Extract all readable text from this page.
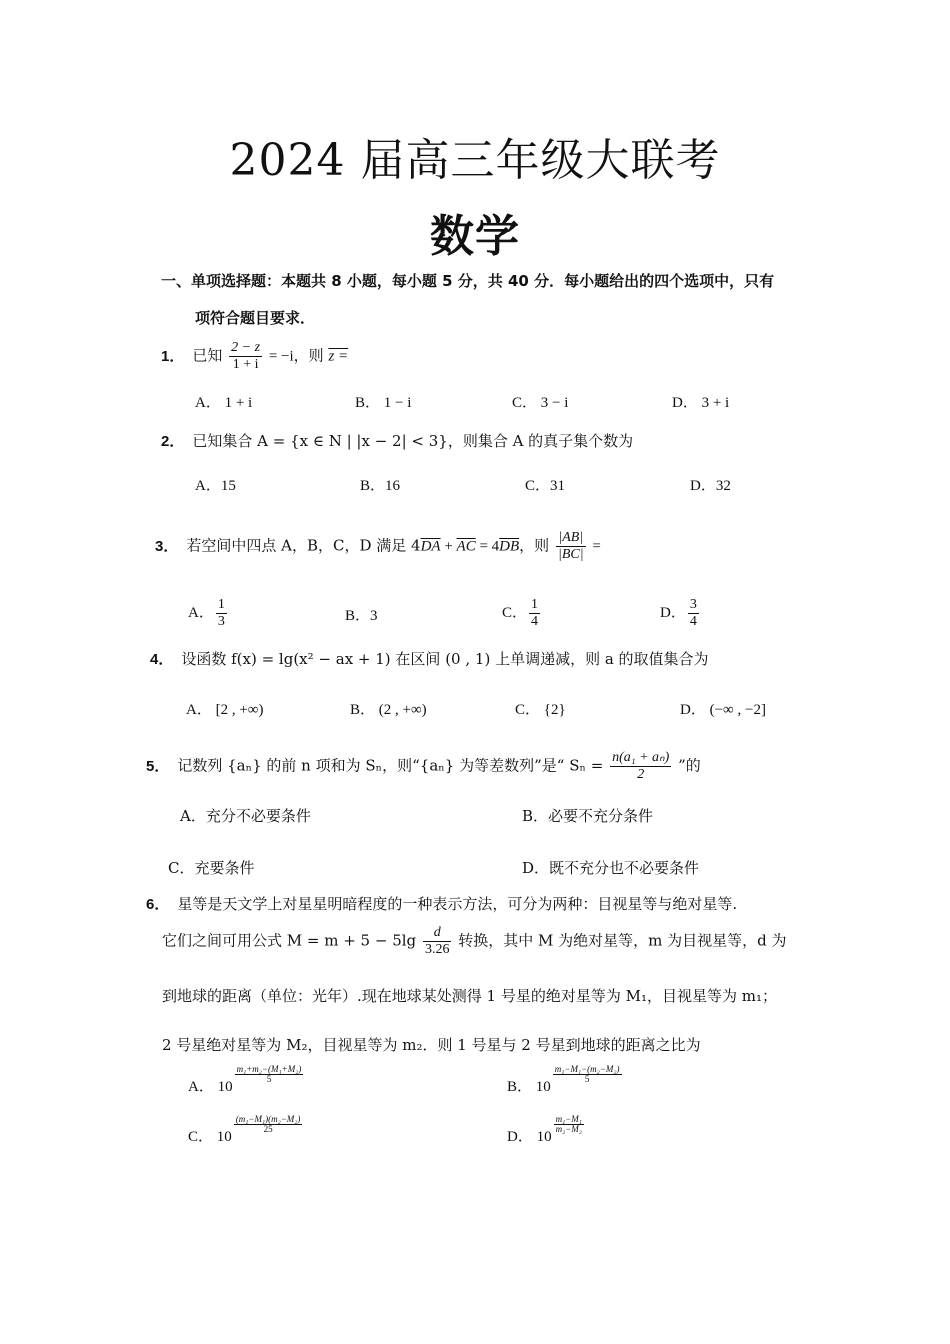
2024 届高三年级大联考
数学
一、单项选择题：本题共 8 小题，每小题 5 分，共 40 分．每小题给出的四个选项中，只有
项符合题目要求．
1． 已知 $\frac{2 - z}{1 + i} = -i$，则 z =
A． 1 + i	B． 1 − i	C． 3 − i	D． 3 + i
2． 已知集合 A = {x ∈ N | |x − 2| < 3}，则集合 A 的真子集个数为
A．15	B．16	C．31	D．32
3． 若空间中四点 A，B，C，D 满足 $4\overline{DA} + \overline{AC} = 4\overline{DB}$，则 $\frac{|AB|}{|BC|}$ =
A． $\frac{1}{3}$	B．3	C． $\frac{1}{4}$	D． $\frac{3}{4}$
4． 设函数 f(x) = lg(x² − ax + 1) 在区间 (0 , 1) 上单调递减，则 a 的取值集合为
A． [2 , +∞)	B． (2 , +∞)	C． {2}	D． (−∞ , −2]
5． 记数列 {aₙ} 的前 n 项和为 Sₙ，则“{aₙ} 为等差数列”是“ $S_n = \frac{\text{n(a₁ + aₙ)}}{2}$ ”的
A．充分不必要条件	B．必要不充分条件
C．充要条件	D．既不充分也不必要条件
6． 星等是天文学上对星星明暗程度的一种表示方法，可分为两种：目视星等与绝对星等.
它们之间可用公式 $M = m + 5 - 5\lg \frac{d}{3.26}$ 转换，其中 M 为绝对星等，m 为目视星等，d 为
到地球的距离（单位：光年）.现在地球某处测得 1 号星的绝对星等为 M₁，目视星等为 m₁；
2 号星绝对星等为 M₂，目视星等为 m₂．则 1 号星与 2 号星到地球的距离之比为
A． 10
$\frac{\text{m₁+m₂−(M₁+M₂)}}{5}$
B． 10
$\frac{\text{m₁−M₁−(m₂−M₂)}}{5}$
C． 10
$\frac{\text{(m₁−M₁)(m₂−M₂)}}{25}$
D． 10
$\frac{\text{m₁−M₁}}{\text{m₂−M₂}}$
